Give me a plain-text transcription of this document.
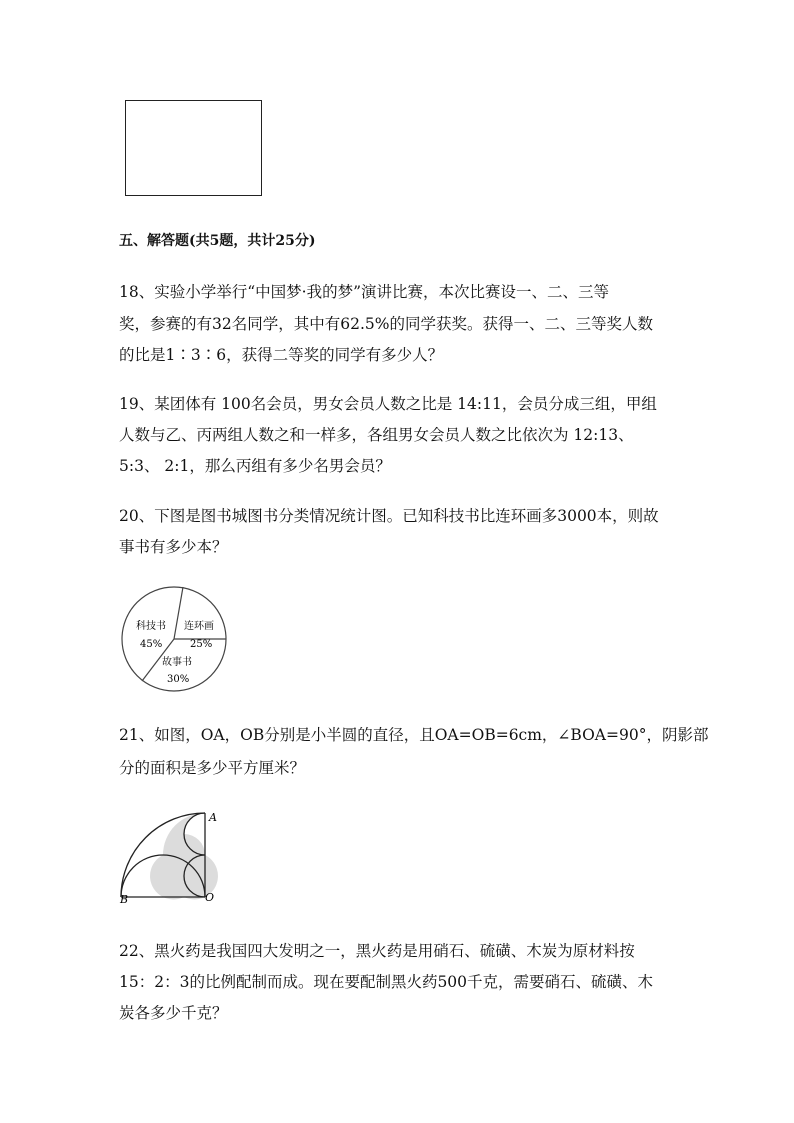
五、解答题(共5题，共计25分)
18、实验小学举行“中国梦·我的梦”演讲比赛，本次比赛设一、二、三等
奖，参赛的有32名同学，其中有62.5%的同学获奖。获得一、二、三等奖人数
的比是1∶3∶6，获得二等奖的同学有多少人？
19、某团体有 100名会员，男女会员人数之比是 14:11，会员分成三组，甲组
人数与乙、丙两组人数之和一样多，各组男女会员人数之比依次为 12:13、
5:3、 2:1，那么丙组有多少名男会员？
20、下图是图书城图书分类情况统计图。已知科技书比连环画多3000本，则故
事书有多少本？
科技书
45%
连环画
25%
故事书
30%
21、如图，OA，OB分别是小半圆的直径，且OA=OB=6cm，∠BOA=90°，阴影部
分的面积是多少平方厘米？
A
B	O
22、黑火药是我国四大发明之一，黑火药是用硝石、硫磺、木炭为原材料按
15：2：3的比例配制而成。现在要配制黑火药500千克，需要硝石、硫磺、木
炭各多少千克？
